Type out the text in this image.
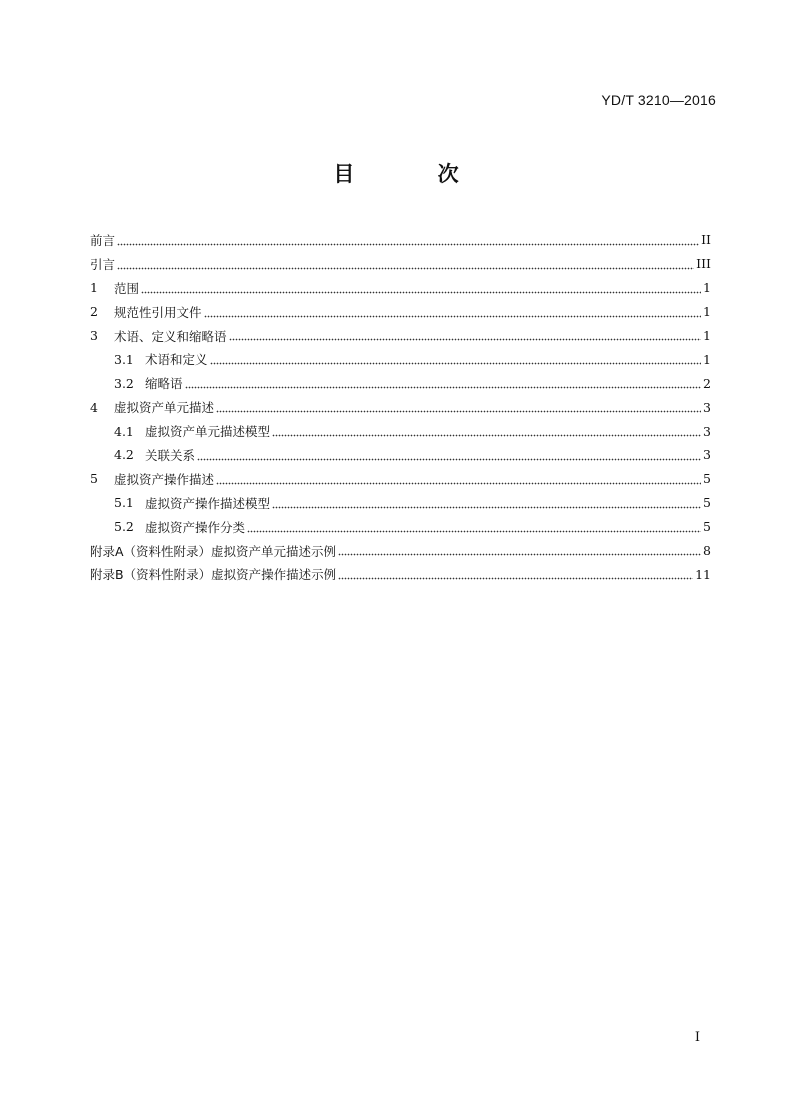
YD/T 3210—2016
目 次
前言	II
引言	III
1	范围	1
2	规范性引用文件	1
3	术语、定义和缩略语	1
3.1 术语和定义	1
3.2 缩略语	2
4	虚拟资产单元描述	3
4.1 虚拟资产单元描述模型	3
4.2 关联关系	3
5	虚拟资产操作描述	5
5.1 虚拟资产操作描述模型	5
5.2 虚拟资产操作分类	5
附录A（资料性附录）虚拟资产单元描述示例	8
附录B（资料性附录）虚拟资产操作描述示例	11
I
